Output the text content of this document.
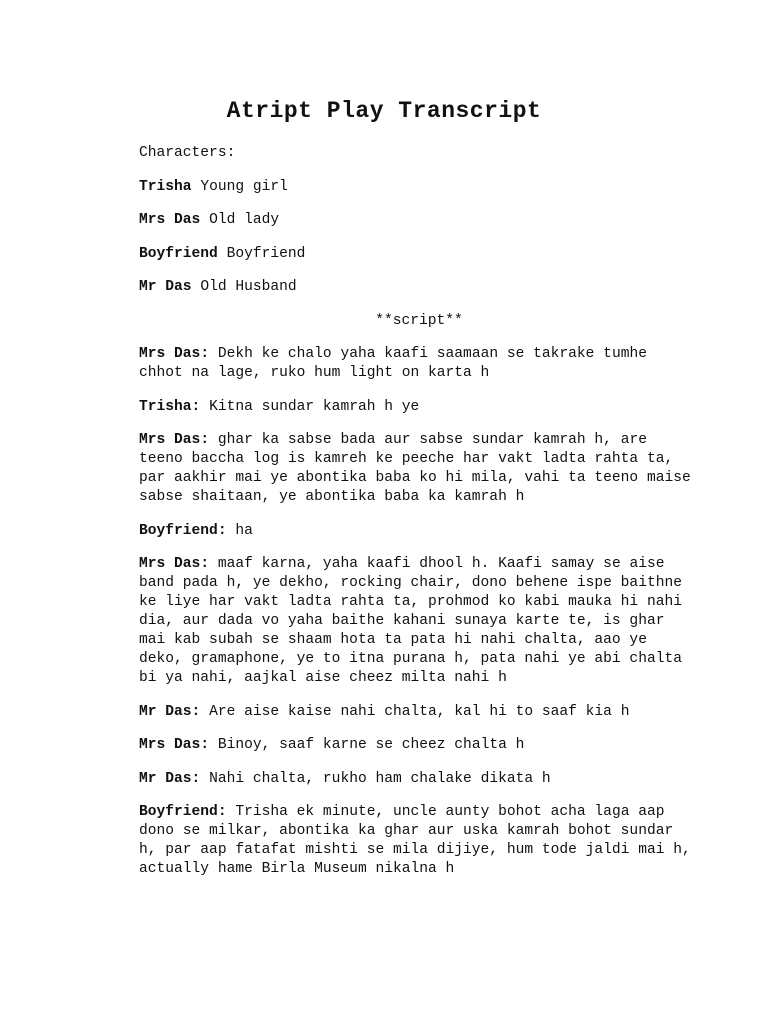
Atript Play Transcript

Characters:

Trisha Young girl

Mrs Das Old lady

Boyfriend Boyfriend

Mr Das Old Husband

**script**

Mrs Das: Dekh ke chalo yaha kaafi saamaan se takrake tumhe chhot na lage, ruko hum light on karta h

Trisha: Kitna sundar kamrah h ye

Mrs Das: ghar ka sabse bada aur sabse sundar kamrah h, are teeno baccha log is kamreh ke peeche har vakt ladta rahta ta, par aakhir mai ye abontika baba ko hi mila, vahi ta teeno maise sabse shaitaan, ye abontika baba ka kamrah h

Boyfriend: ha

Mrs Das: maaf karna, yaha kaafi dhool h. Kaafi samay se aise band pada h, ye dekho, rocking chair, dono behene ispe baithne ke liye har vakt ladta rahta ta, prohmod ko kabi mauka hi nahi dia, aur dada vo yaha baithe kahani sunaya karte te, is ghar mai kab subah se shaam hota ta pata hi nahi chalta, aao ye deko, gramaphone, ye to itna purana h, pata nahi ye abi chalta bi ya nahi, aajkal aise cheez milta nahi h

Mr Das: Are aise kaise nahi chalta, kal hi to saaf kia h

Mrs Das: Binoy, saaf karne se cheez chalta h

Mr Das: Nahi chalta, rukho ham chalake dikata h

Boyfriend: Trisha ek minute, uncle aunty bohot acha laga aap dono se milkar, abontika ka ghar aur uska kamrah bohot sundar h, par aap fatafat mishti se mila dijiye, hum tode jaldi mai h, actually hame Birla Museum nikalna h
